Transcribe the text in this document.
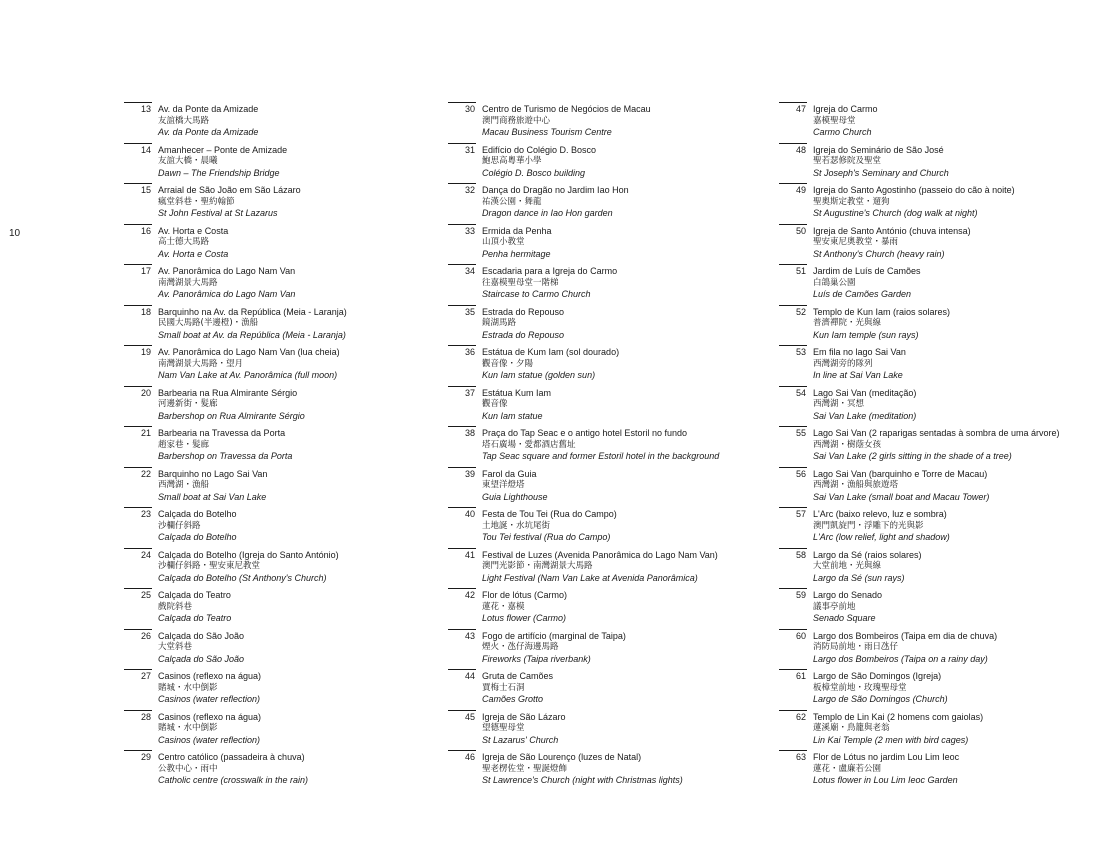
10
13 Av. da Ponte da Amizade
友誼橋大馬路
Av. da Ponte da Amizade
14 Amanhecer – Ponte de Amizade
友誼大橋・晨曦
Dawn – The Friendship Bridge
15 Arraial de São João em São Lázaro
瘋堂斜巷・聖約翰節
St John Festival at St Lazarus
16 Av. Horta e Costa
高士德大馬路
Av. Horta e Costa
17 Av. Panorâmica do Lago Nam Van
南灣湖景大馬路
Av. Panorâmica do Lago Nam Van
18 Barquinho na Av. da República (Meia - Laranja)
民國大馬路(半邊橙)・漁船
Small boat at Av. da República (Meia - Laranja)
19 Av. Panorâmica do Lago Nam Van (lua cheia)
南灣湖景大馬路・望月
Nam Van Lake at Av. Panorâmica (full moon)
20 Barbearia na Rua Almirante Sérgio
河邊新街・髮廊
Barbershop on Rua Almirante Sérgio
21 Barbearia na Travessa da Porta
趙家巷・髮廊
Barbershop on Travessa da Porta
22 Barquinho no Lago Sai Van
西灣湖・漁船
Small boat at Sai Van Lake
23 Calçada do Botelho
沙欄仔斜路
Calçada do Botelho
24 Calçada do Botelho (Igreja do Santo António)
沙欄仔斜路・聖安東尼教堂
Calçada do Botelho (St Anthony's Church)
25 Calçada do Teatro
戲院斜巷
Calçada do Teatro
26 Calçada do São João
大堂斜巷
Calçada do São João
27 Casinos (reflexo na água)
賭城・水中倒影
Casinos (water reflection)
28 Casinos (reflexo na água)
賭城・水中倒影
Casinos (water reflection)
29 Centro católico (passadeira à chuva)
公教中心・雨中
Catholic centre (crosswalk in the rain)
30 Centro de Turismo de Negócios de Macau
澳門商務旅遊中心
Macau Business Tourism Centre
31 Edifício do Colégio D. Bosco
鮑思高粵華小學
Colégio D. Bosco building
32 Dança do Dragão no Jardim Iao Hon
祐漢公園・舞龍
Dragon dance in Iao Hon garden
33 Ermida da Penha
山頂小教堂
Penha hermitage
34 Escadaria para a Igreja do Carmo
往嘉模聖母堂一階梯
Staircase to Carmo Church
35 Estrada do Repouso
鏡湖馬路
Estrada do Repouso
36 Estátua de Kum Iam (sol dourado)
觀音像・夕陽
Kun Iam statue (golden sun)
37 Estátua Kum Iam
觀音像
Kun Iam statue
38 Praça do Tap Seac e o antigo hotel Estoril no fundo
塔石廣場・愛都酒店舊址
Tap Seac square and former Estoril hotel in the background
39 Farol da Guia
東望洋燈塔
Guia Lighthouse
40 Festa de Tou Tei (Rua do Campo)
土地誕・水坑尾街
Tou Tei festival (Rua do Campo)
41 Festival de Luzes (Avenida Panorâmica do Lago Nam Van)
澳門光影節・南灣湖景大馬路
Light Festival (Nam Van Lake at Avenida Panorâmica)
42 Flor de lótus (Carmo)
蓮花・嘉模
Lotus flower (Carmo)
43 Fogo de artifício (marginal de Taipa)
煙火・氹仔海邊馬路
Fireworks (Taipa riverbank)
44 Gruta de Camões
賈梅士石洞
Camões Grotto
45 Igreja de São Lázaro
望德聖母堂
St Lazarus' Church
46 Igreja de São Lourenço (luzes de Natal)
聖老楞佐堂・聖誕燈飾
St Lawrence's Church (night with Christmas lights)
47 Igreja do Carmo
嘉模聖母堂
Carmo Church
48 Igreja do Seminário de São José
聖若瑟修院及聖堂
St Joseph's Seminary and Church
49 Igreja do Santo Agostinho (passeio do cão à noite)
聖奧斯定教堂・遛狗
St Augustine's Church (dog walk at night)
50 Igreja de Santo António (chuva intensa)
聖安東尼奧教堂・暴雨
St Anthony's Church (heavy rain)
51 Jardim de Luís de Camões
白鴿巢公園
Luís de Camões Garden
52 Templo de Kun Iam (raios solares)
普濟禪院・光與線
Kun Iam temple (sun rays)
53 Em fila no lago Sai Van
西灣湖旁的隊列
In line at Sai Van Lake
54 Lago Sai Van (meditação)
西灣湖・冥想
Sai Van Lake (meditation)
55 Lago Sai Van (2 raparigas sentadas à sombra de uma árvore)
西灣湖・樹蔭女孩
Sai Van Lake (2 girls sitting in the shade of a tree)
56 Lago Sai Van (barquinho e Torre de Macau)
西灣湖・漁船與旅遊塔
Sai Van Lake (small boat and Macau Tower)
57 L'Arc (baixo relevo, luz e sombra)
澳門凱旋門・浮雕下的光與影
L'Arc (low relief, light and shadow)
58 Largo da Sé (raios solares)
大堂前地・光與線
Largo da Sé (sun rays)
59 Largo do Senado
議事亭前地
Senado Square
60 Largo dos Bombeiros (Taipa em dia de chuva)
消防局前地・雨日氹仔
Largo dos Bombeiros (Taipa on a rainy day)
61 Largo de São Domingos (Igreja)
板樟堂前地・玫瑰聖母堂
Largo de São Domingos (Church)
62 Templo de Lin Kai (2 homens com gaiolas)
蓮溪廟・鳥籠與老翁
Lin Kai Temple (2 men with bird cages)
63 Flor de Lótus no jardim Lou Lim Ieoc
蓮花・盧廉若公園
Lotus flower in Lou Lim Ieoc Garden
